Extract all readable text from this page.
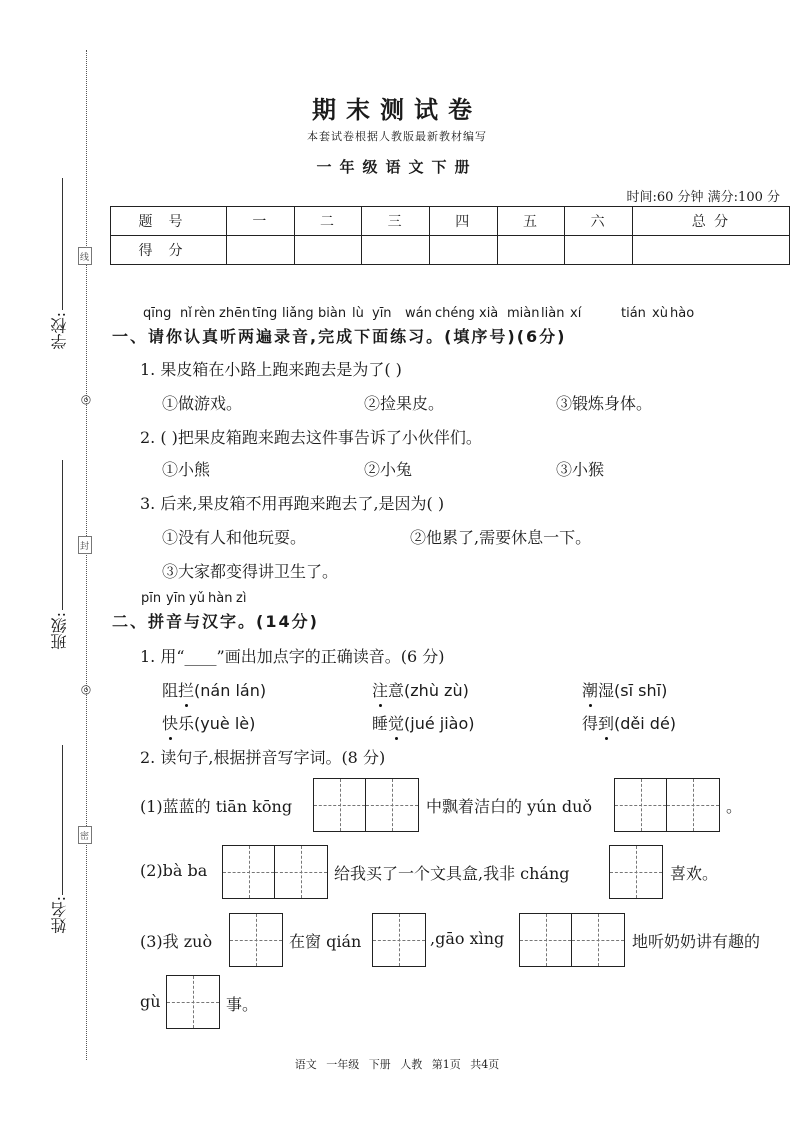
学校:
班级:
姓名:
线
◎
封
◎
密
期末测试卷
本套试卷根据人教版最新教材编写
一年级语文下册
时间:60 分钟 满分:100 分
题号	一	二	三	四	五	六	总 分
得分							
qīng nǐ rèn zhēn tīng liǎng biàn lù yīn wán chéng xià miàn liàn xí	tián xù hào
一、请你认真听两遍录音,完成下面练习。(填序号)(6分)
1. 果皮箱在小路上跑来跑去是为了( )
①做游戏。	②捡果皮。	③锻炼身体。
2. ( )把果皮箱跑来跑去这件事告诉了小伙伴们。
①小熊	②小兔	③小猴
3. 后来,果皮箱不用再跑来跑去了,是因为( )
①没有人和他玩耍。	②他累了,需要休息一下。
③大家都变得讲卫生了。
pīn yīn yǔ hàn zì
二、拼音与汉字。(14分)
1. 用“____”画出加点字的正确读音。(6 分)
阻拦(nán lán)	注意(zhù zù)	潮湿(sī shī)
快乐(yuè lè)	睡觉(jué jiào)	得到(děi dé)
2. 读句子,根据拼音写字词。(8 分)
(1)蓝蓝的 tiān kōng	中飘着洁白的 yún duǒ	。
(2)bà ba	给我买了一个文具盒,我非 cháng	喜欢。
(3)我 zuò	在窗 qián	,gāo xìng	地听奶奶讲有趣的
gù	事。
语文 一年级 下册 人教 第1页 共4页
